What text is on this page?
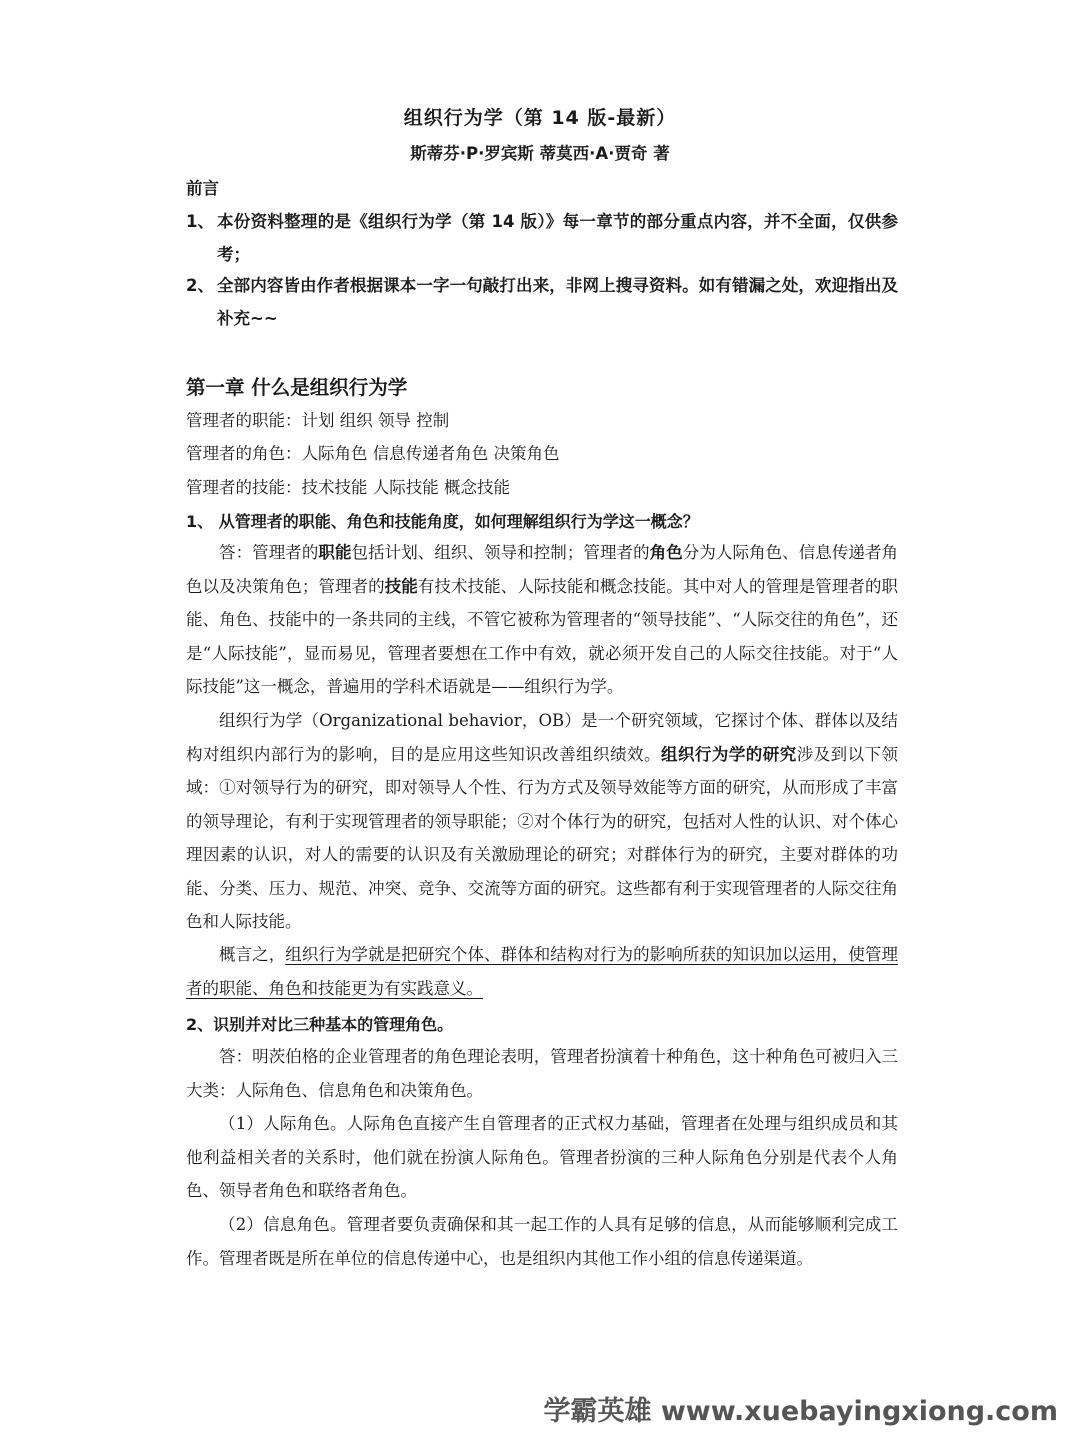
组织行为学（第 14 版-最新）
斯蒂芬·P·罗宾斯 蒂莫西·A·贾奇 著
前言
1、 本份资料整理的是《组织行为学（第 14 版）》每一章节的部分重点内容，并不全面，仅供参考；
2、 全部内容皆由作者根据课本一字一句敲打出来，非网上搜寻资料。如有错漏之处，欢迎指出及补充~~
第一章 什么是组织行为学
管理者的职能：计划 组织 领导 控制
管理者的角色：人际角色 信息传递者角色 决策角色
管理者的技能：技术技能 人际技能 概念技能
1、 从管理者的职能、角色和技能角度，如何理解组织行为学这一概念？
答：管理者的职能包括计划、组织、领导和控制；管理者的角色分为人际角色、信息传递者角色以及决策角色；管理者的技能有技术技能、人际技能和概念技能。其中对人的管理是管理者的职能、角色、技能中的一条共同的主线，不管它被称为管理者的“领导技能”、“人际交往的角色”，还是“人际技能”，显而易见，管理者要想在工作中有效，就必须开发自己的人际交往技能。对于“人际技能”这一概念，普遍用的学科术语就是——组织行为学。
组织行为学（Organizational behavior，OB）是一个研究领域，它探讨个体、群体以及结构对组织内部行为的影响，目的是应用这些知识改善组织绩效。组织行为学的研究涉及到以下领域：①对领导行为的研究，即对领导人个性、行为方式及领导效能等方面的研究，从而形成了丰富的领导理论，有利于实现管理者的领导职能；②对个体行为的研究，包括对人性的认识、对个体心理因素的认识，对人的需要的认识及有关激励理论的研究；对群体行为的研究，主要对群体的功能、分类、压力、规范、冲突、竞争、交流等方面的研究。这些都有利于实现管理者的人际交往角色和人际技能。
概言之，组织行为学就是把研究个体、群体和结构对行为的影响所获的知识加以运用，使管理者的职能、角色和技能更为有实践意义。
2、识别并对比三种基本的管理角色。
答：明茨伯格的企业管理者的角色理论表明，管理者扮演着十种角色，这十种角色可被归入三大类：人际角色、信息角色和决策角色。
（1）人际角色。人际角色直接产生自管理者的正式权力基础，管理者在处理与组织成员和其他利益相关者的关系时，他们就在扮演人际角色。管理者扮演的三种人际角色分别是代表个人角色、领导者角色和联络者角色。
（2）信息角色。管理者要负责确保和其一起工作的人具有足够的信息，从而能够顺利完成工作。管理者既是所在单位的信息传递中心，也是组织内其他工作小组的信息传递渠道。
学霸英雄 www.xuebayingxiong.com
